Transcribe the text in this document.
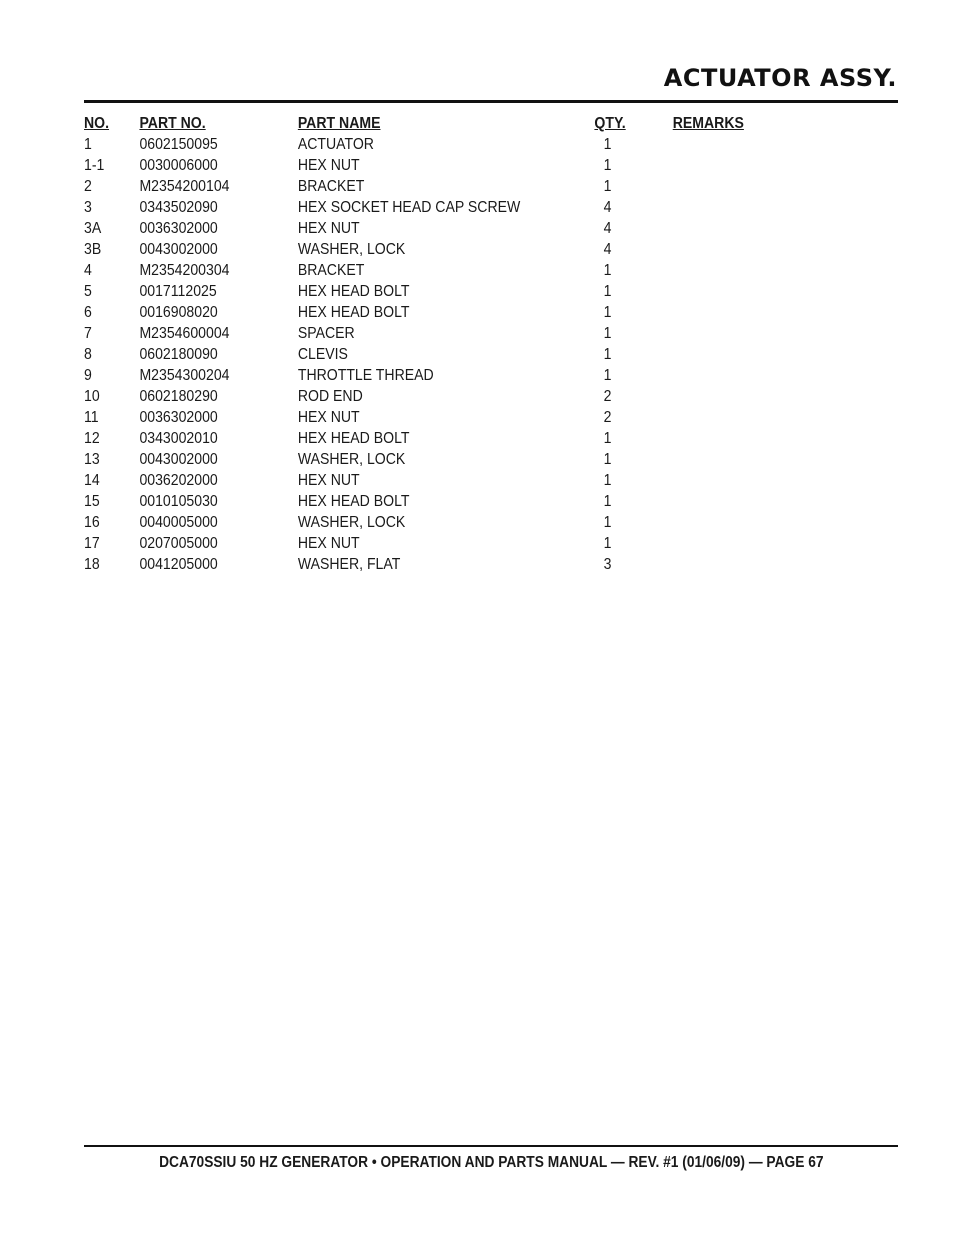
ACTUATOR ASSY.
NO. PART NO.	PART NAME	QTY.	REMARKS
1	0602150095	ACTUATOR	1
1-1 0030006000	HEX NUT	1
2	M2354200104	BRACKET	1
3	0343502090	HEX SOCKET HEAD CAP SCREW	4
3A 0036302000	HEX NUT	4
3B 0043002000	WASHER, LOCK	4
4	M2354200304	BRACKET	1
5	0017112025	HEX HEAD BOLT	1
6	0016908020	HEX HEAD BOLT	1
7	M2354600004	SPACER	1
8	0602180090	CLEVIS	1
9	M2354300204	THROTTLE THREAD	1
10 0602180290	ROD END	2
11	0036302000	HEX NUT	2
12 0343002010	HEX HEAD BOLT	1
13 0043002000	WASHER, LOCK	1
14 0036202000	HEX NUT	1
15 0010105030	HEX HEAD BOLT	1
16 0040005000	WASHER, LOCK	1
17 0207005000	HEX NUT	1
18 0041205000	WASHER, FLAT	3
DCA70SSIU 50 HZ GENERATOR • OPERATION AND PARTS MANUAL — REV. #1 (01/06/09) — PAGE 67
